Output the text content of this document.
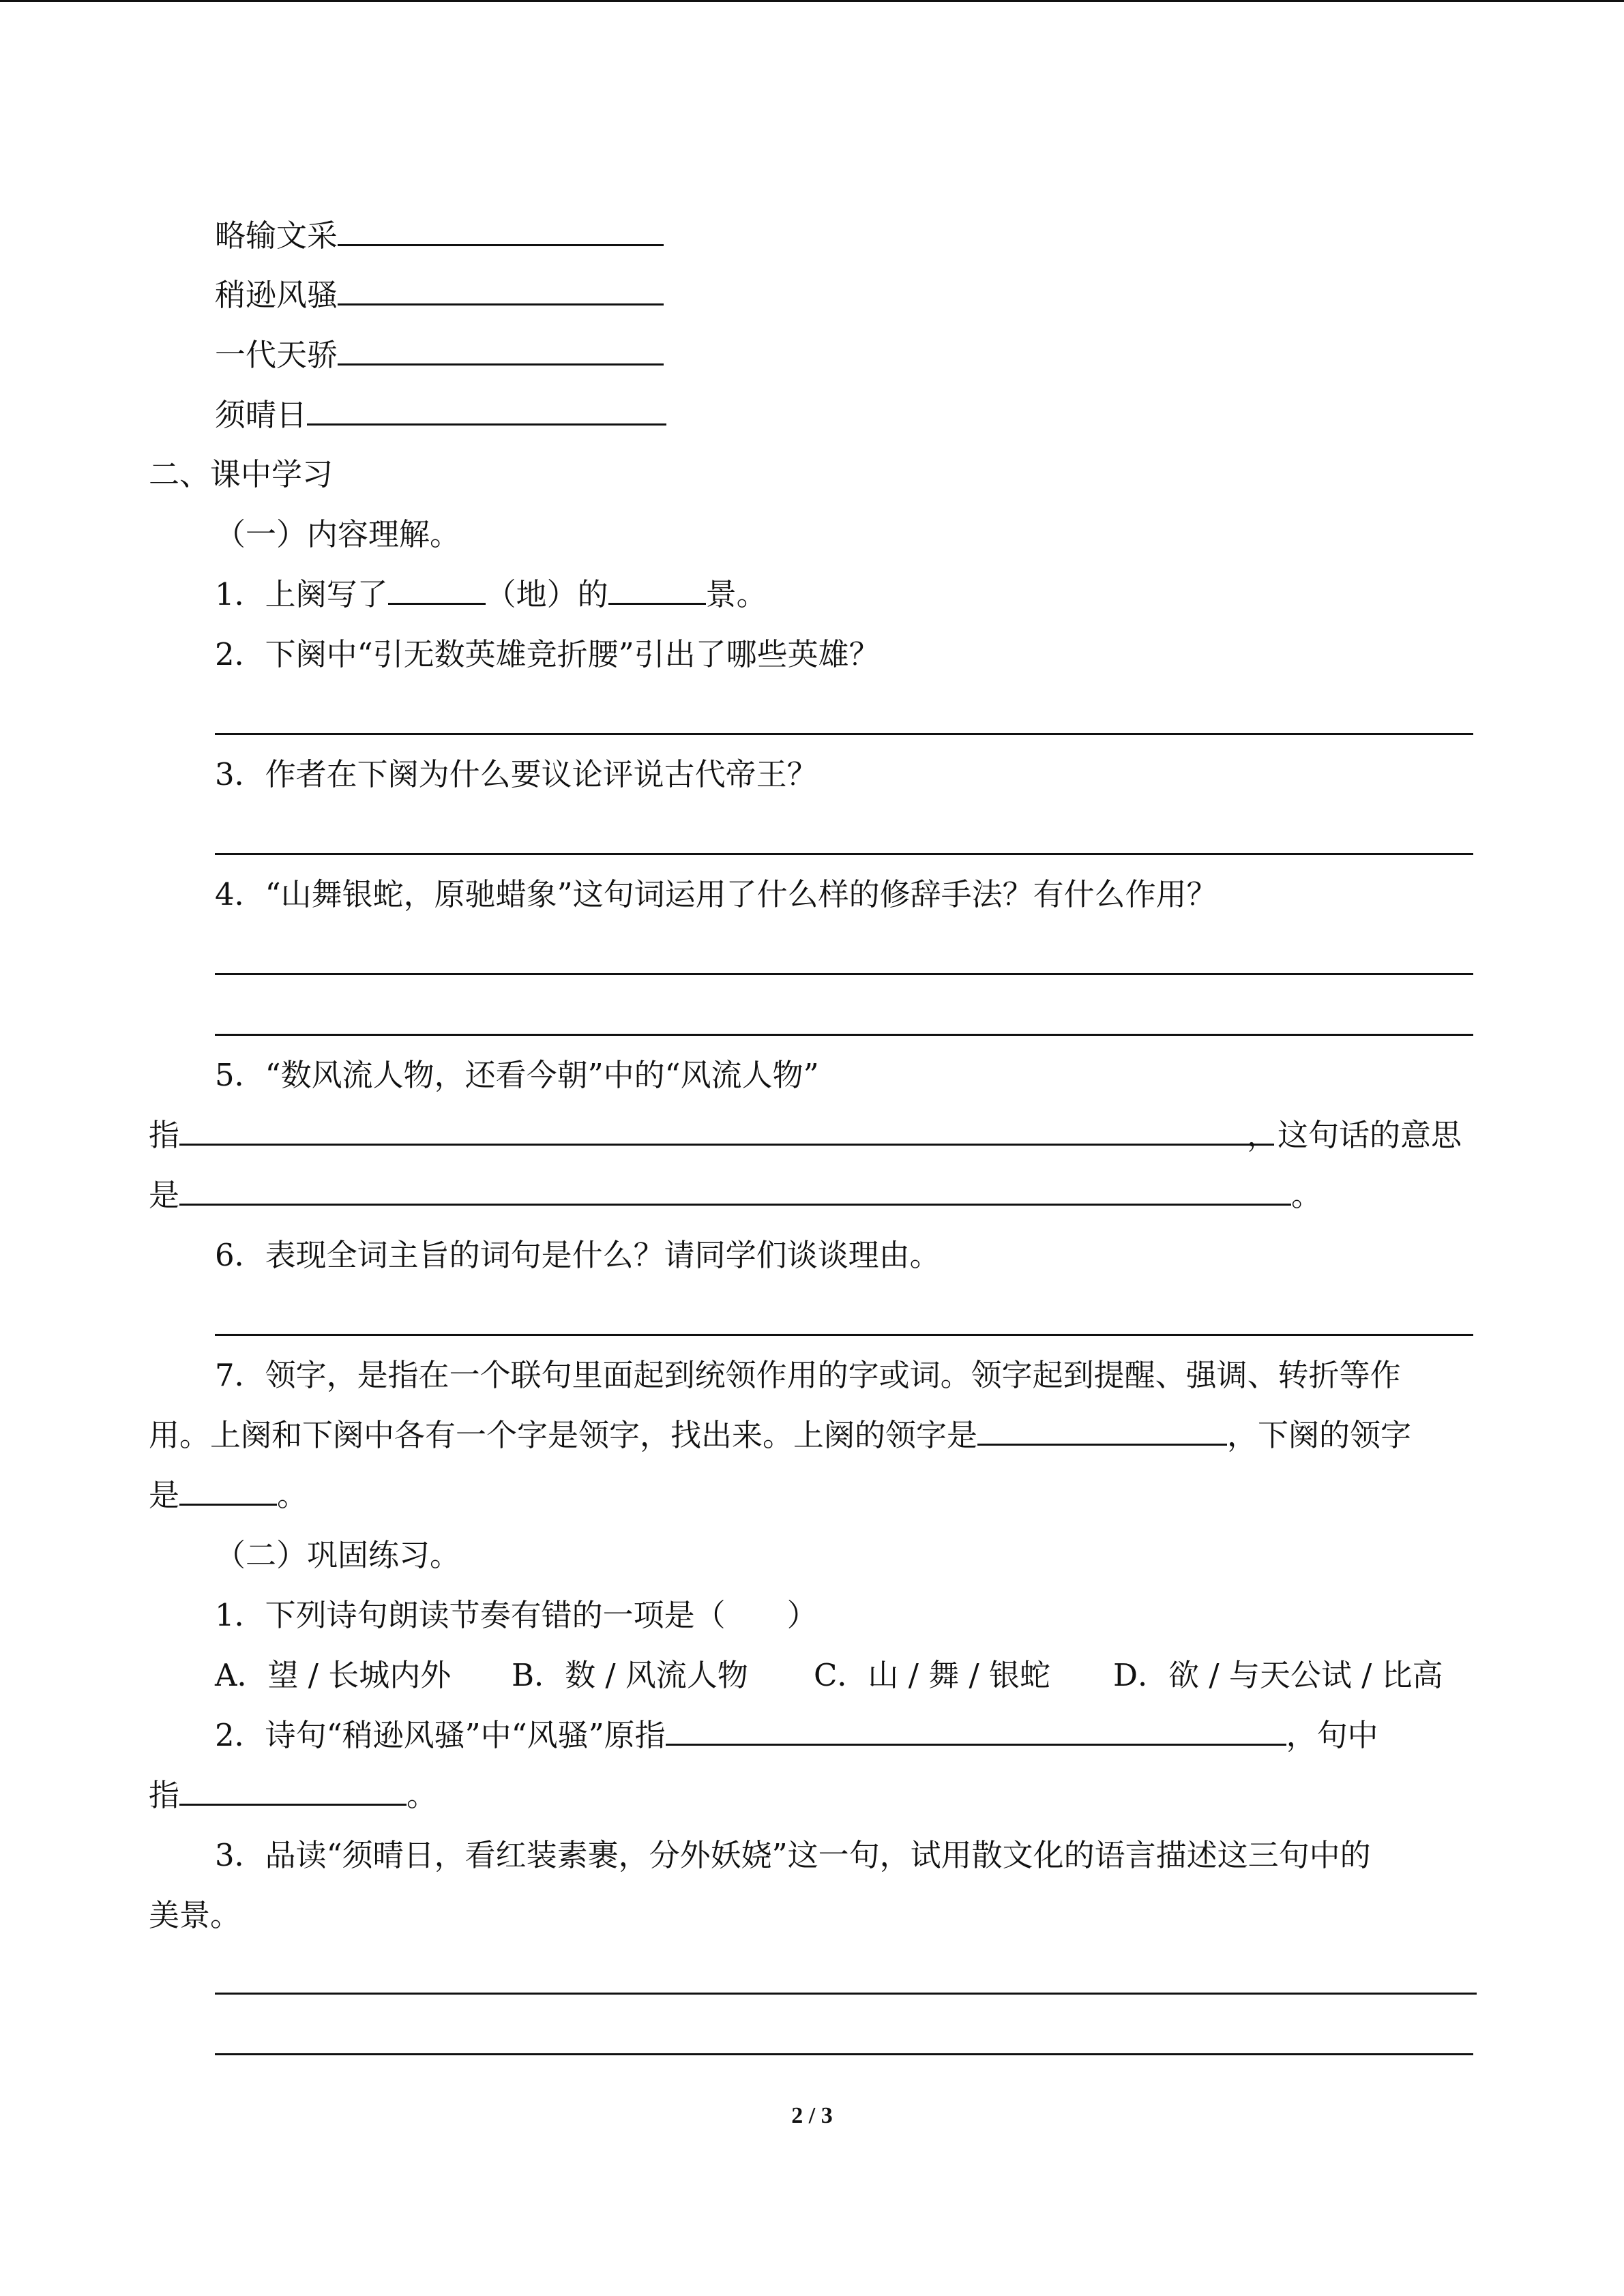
略输文采
稍逊风骚
一代天骄
须晴日
二、课中学习
（一）内容理解。
1．上阕写了	（地）的	景。
2．下阕中“引无数英雄竞折腰”引出了哪些英雄？
3．作者在下阕为什么要议论评说古代帝王？
4．“山舞银蛇，原驰蜡象”这句词运用了什么样的修辞手法？有什么作用？
5．“数风流人物，还看今朝”中的“风流人物”
指	，这句话的意思
是	。
6．表现全词主旨的词句是什么？请同学们谈谈理由。
7．领字，是指在一个联句里面起到统领作用的字或词。领字起到提醒、强调、转折等作
用。上阕和下阕中各有一个字是领字，找出来。上阕的领字是	，下阕的领字
是	。
（二）巩固练习。
1．下列诗句朗读节奏有错的一项是（　　）
A．望 / 长城内外 B．数 / 风流人物 C．山 / 舞 / 银蛇 D．欲 / 与天公试 / 比高
2．诗句“稍逊风骚”中“风骚”原指	，句中
指	。
3．品读“须晴日，看红装素裹，分外妖娆”这一句，试用散文化的语言描述这三句中的
美景。
2 / 3
